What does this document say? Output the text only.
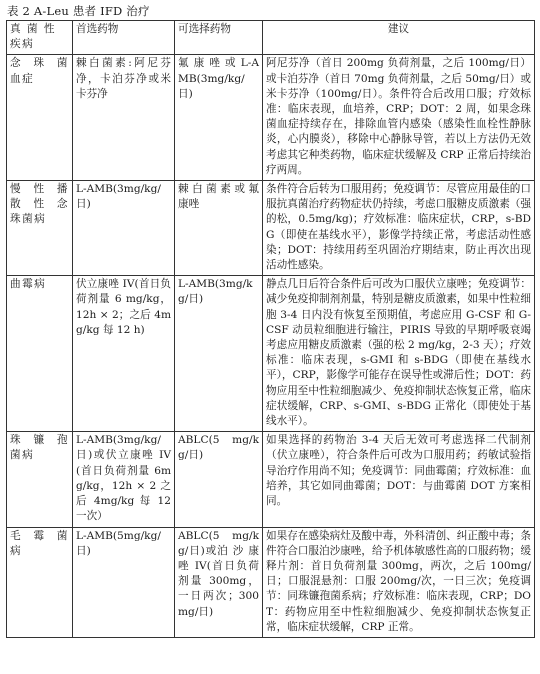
表 2 A-Leu 患者 IFD 治疗
真 菌 性 疾病	首选药物	可选择药物	建议
念 珠 菌 血症	棘白菌素:阿尼芬净，卡泊芬净或米卡芬净	氟 康 唑 或 L-AMB(3mg/kg/日)	阿尼芬净（首日 200mg 负荷剂量，之后 100mg/日）或卡泊芬净（首日 70mg 负荷剂量，之后 50mg/日）或米卡芬净（100mg/日）。条件符合后改用口服；疗效标准：临床表现，血培养，CRP；DOT：2 周，如果念珠菌血症持续存在，排除血管内感染（感染性血栓性静脉炎，心内膜炎），移除中心静脉导管，若以上方法仍无效考虑其它种类药物，临床症状缓解及 CRP 正常后持续治疗两周。
慢 性 播 散 性 念 珠菌病	L-AMB(3mg/kg/日)	棘 白 菌 素 或 氟康唑	条件符合后转为口服用药；免疫调节：尽管应用最佳的口服抗真菌治疗药物症状仍持续，考虑口服糖皮质激素（强的松，0.5mg/kg)；疗效标准：临床症状，CRP，s-BDG（即使在基线水平），影像学持续正常，考虑活动性感染；DOT：持续用药至巩固治疗期结束，防止再次出现活动性感染。
曲霉病	伏立康唑 IV(首日负荷剂量 6 mg/kg，12h × 2；之后 4mg/kg 每 12 h)	L-AMB(3mg/kg/日)	静点几日后符合条件后可改为口服伏立康唑；免疫调节：减少免疫抑制剂剂量，特别是糖皮质激素，如果中性粒细胞 3-4 日内没有恢复至预期值，考虑应用 G-CSF 和 G-CSF 动员粒细胞进行输注，PIRIS 导致的早期呼吸衰竭考虑应用糖皮质激素（强的松 2 mg/kg，2-3 天）；疗效标准：临床表现，s-GMI 和 s-BDG（即使在基线水平），CRP，影像学可能存在误导性或滞后性；DOT：药物应用至中性粒细胞减少、免疫抑制状态恢复正常，临床症状缓解，CRP、s-GMI、s-BDG 正常化（即使处于基线水平）。
珠 镰 孢 菌病	L-AMB(3mg/kg/日)或伏立康唑 IV(首日负荷剂量 6mg/kg，12h × 2 之后 4mg/kg 每 12 一次）	ABLC(5 mg/kg/日)	如果选择的药物治 3-4 天后无效可考虑选择二代制剂（伏立康唑），符合条件后可改为口服用药；药敏试验指导治疗作用尚不知；免疫调节：同曲霉菌；疗效标准：血培养，其它如同曲霉菌；DOT：与曲霉菌 DOT 方案相同。
毛 霉 菌 病	L-AMB(5mg/kg/日)	ABLC(5 mg/kg/日)或泊 沙 康 唑 IV(首日负荷剂量 300mg，一日两次；300mg/日)	如果存在感染病灶及酸中毒，外科清创、纠正酸中毒；条件符合口服泊沙康唑，给予机体敏感性高的口服药物；缓释片剂：首日负荷剂量 300mg，两次，之后 100mg/日；口服混悬剂：口服 200mg/次，一日三次；免疫调节：同珠镰孢菌系病；疗效标准：临床表现，CRP；DOT：药物应用至中性粒细胞减少、免疫抑制状态恢复正常，临床症状缓解，CRP 正常。
